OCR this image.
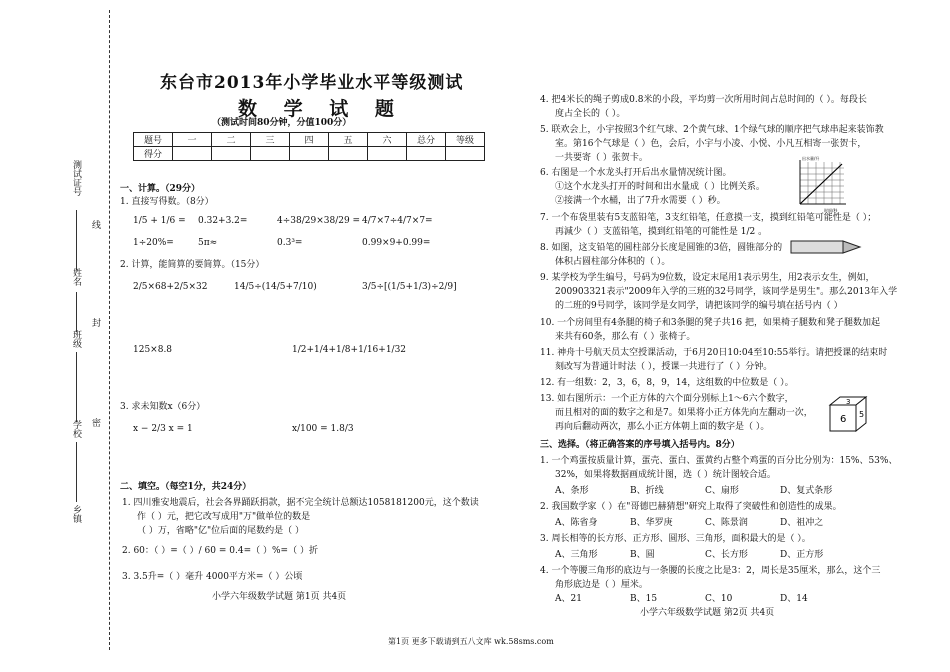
测试证号
姓名
班级
学校
乡镇
线
封
密
东台市2013年小学毕业水平等级测试
数 学 试 题
（测试时间80分钟，分值100分）
题号	一	二	三	四	五	六	总分	等级
得分								
一、计算。（29分）
1. 直接写得数。（8分）
1/5 + 1/6 = 0.32+3.2=	4÷38/29×38/29 = 4/7×7÷4/7×7=
1÷20%=	5π≈	0.3³=	0.99×9+0.99=
2. 计算，能简算的要简算。（15分）
2/5×68+2/5×32	14/5÷(14/5+7/10)	3/5÷[(1/5+1/3)÷2/9]
125×8.8	1/2+1/4+1/8+1/16+1/32
3. 求未知数x（6分）
x − 2/3 x = 1	x/100 = 1.8/3
二、填空。（每空1分，共24分）
1. 四川雅安地震后，社会各界踊跃捐款，据不完全统计总额达1058181200元，这个数读
作（ ）元，把它改写成用"万"做单位的数是
（ ）万，省略"亿"位后面的尾数约是（ ）
2. 60：（ ）=（ ）/ 60 = 0.4=（ ）%=（ ）折
3. 3.5升=（ ）毫升 4000平方米=（ ）公顷
小学六年级数学试题 第1页 共4页
4. 把4米长的绳子剪成0.8米的小段，平均剪一次所用时间占总时间的（ ）。每段长
度占全长的（ ）。
5. 联欢会上，小宇按照3个红气球、2个黄气球、1个绿气球的顺序把气球串起来装饰教
室。第16个气球是（ ）色，会后，小宇与小凌、小悦、小凡互相寄一张贺卡，
一共要寄（ ）张贺卡。
6. 右图是一个水龙头打开后出水量情况统计图。
①这个水龙头打开的时间和出水量成（ ）比例关系。
②接满一个水桶，出了7升水需要（ ）秒。
出水量/升
时间/秒
7. 一个布袋里装有5支蓝铅笔，3支红铅笔，任意摸一支，摸到红铅笔可能性是（ ）；
再減少（ ）支蓝铅笔，摸到红铅笔的可能性是 1/2 。
8. 如图，这支铅笔的圆柱部分长度是圆锥的3倍，圆锥部分的
体积占圆柱部分体积的（ ）。
9. 某学校为学生编号，号码为9位数，设定末尾用1表示男生，用2表示女生，例如，
200903321表示"2009年入学的三班的32号同学，该同学是男生"。那么2013年入学
的二班的9号同学，该同学是女同学，请把该同学的编号填在括号内（ ）
10. 一个房间里有4条腿的椅子和3条腿的凳子共16 把，如果椅子腿数和凳子腿数加起
来共有60条，那么有（ ）张椅子。
11. 神舟十号航天员太空授课活动，于6月20日10:04至10:55举行。请把授课的结束时
刻改写为普通计时法（ ），授课一共进行了（ ）分钟。
12. 有一组数：2，3，6，8，9，14，这组数的中位数是（ ）。
13. 如右图所示：一个正方体的六个面分别标上1～6六个数字，
而且相对的面的数字之和是7。如果将小正方体先向左翻动一次，
再向后翻动两次，那么小正方体朝上面的数字是（ ）。
3
5
6
三、选择。（将正确答案的序号填入括号内。8分）
1. 一个鸡蛋按质量计算，蛋壳、蛋白、蛋黄约占整个鸡蛋的百分比分别为：15%、53%、
32%，如果将数据画成统计图，选（ ）统计图较合适。
A、条形	B、折线	C、扇形	D、复式条形
2. 我国数学家（ ）在"哥德巴赫猜想"研究上取得了突破性和创造性的成果。
A、陈省身	B、华罗庚	C、陈景润	D、祖冲之
3. 周长相等的长方形、正方形、圆形、三角形，面积最大的是（ ）。
A、三角形	B、圆	C、长方形	D、正方形
4. 一个等腰三角形的底边与一条腰的长度之比是3：2，周长是35厘米，那么，这个三
角形底边是（ ）厘米。
A、21	B、15	C、10	D、14
小学六年级数学试题 第2页 共4页
第1页 更多下载请到五八文库 wk.58sms.com
